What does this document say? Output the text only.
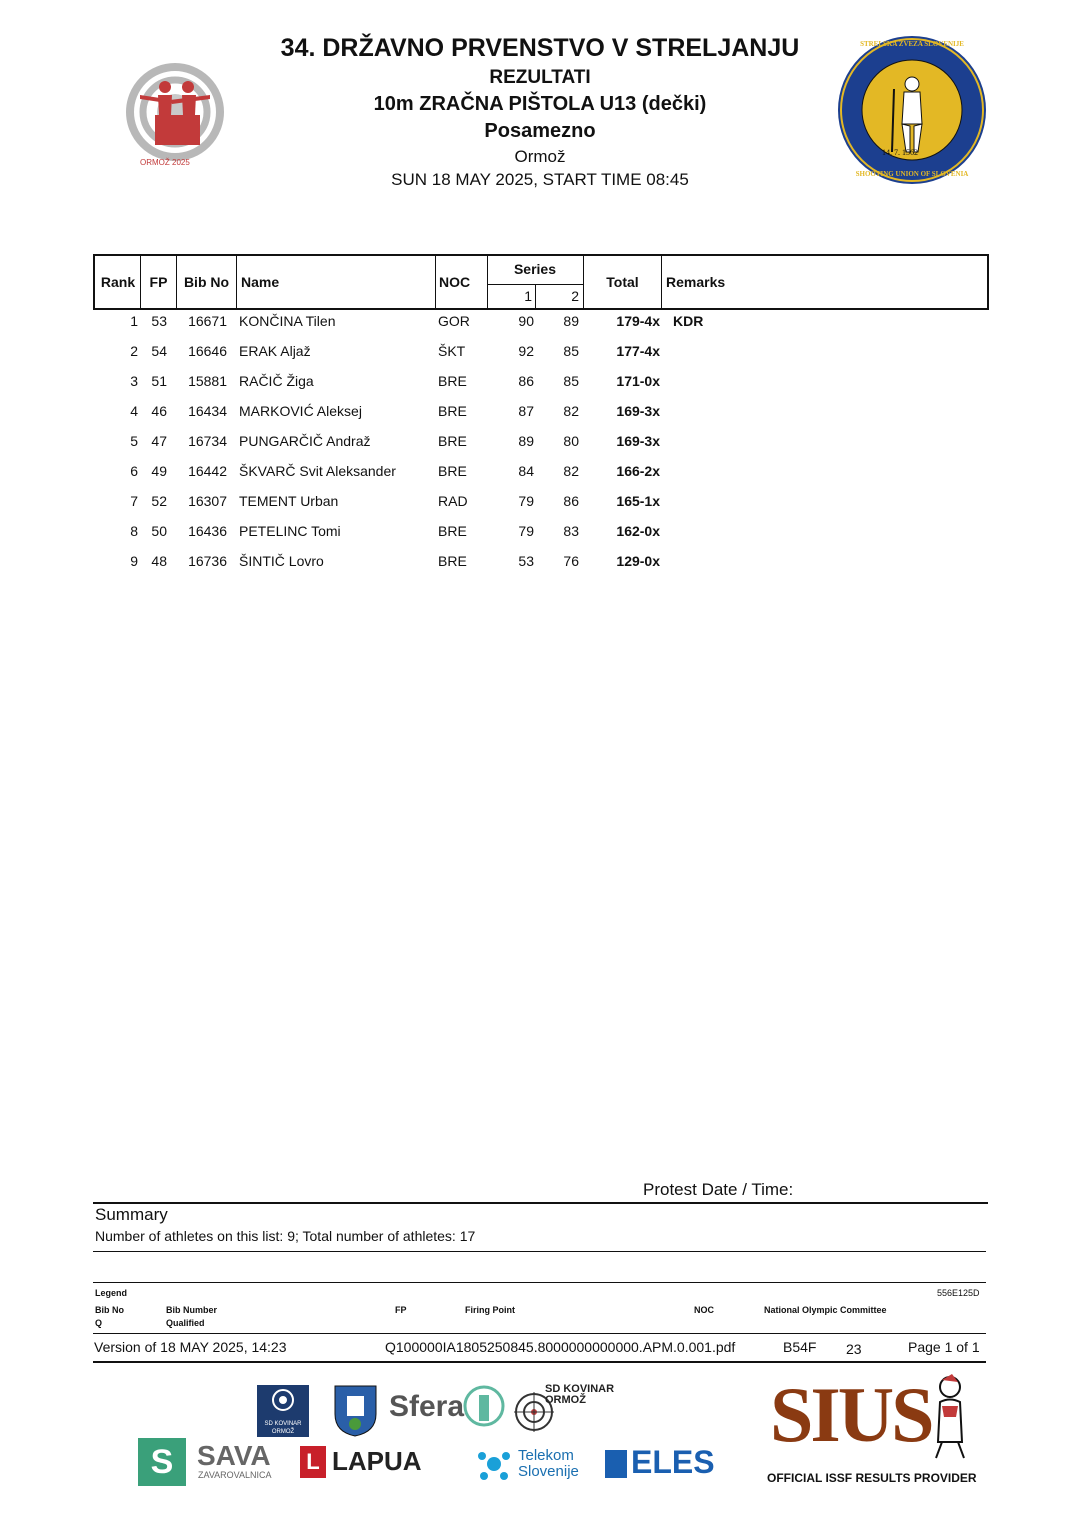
ORMOŽ 2025
34. DRŽAVNO PRVENSTVO V STRELJANJU
REZULTATI
10m ZRAČNA PIŠTOLA U13 (dečki)
Posamezno
Ormož
SUN 18 MAY 2025, START TIME 08:45
14. 7. 1562
STRELSKA ZVEZA SLOVENIJE
SHOOTING UNION OF SLOVENIA
Rank	FP	Bib No Name	NOC
Series
1	2
Total	Remarks
1 53	16671 KONČINA Tilen	GOR	90	89	179-4x KDR
2 54	16646 ERAK Aljaž	ŠKT	92	85	177-4x
3 51	15881 RAČIČ Žiga	BRE	86	85	171-0x
4 46	16434 MARKOVIĆ Aleksej	BRE	87	82	169-3x
5 47	16734 PUNGARČIČ Andraž	BRE	89	80	169-3x
6 49	16442 ŠKVARČ Svit Aleksander	BRE	84	82	166-2x
7 52	16307 TEMENT Urban	RAD	79	86	165-1x
8 50	16436 PETELINC Tomi	BRE	79	83	162-0x
9 48	16736 ŠINTIČ Lovro	BRE	53	76	129-0x
Protest Date / Time:
Summary
Number of athletes on this list: 9; Total number of athletes: 17
Legend	556E125D
Bib No	Bib Number	FP	Firing Point	NOC	National Olympic Committee
Q	Qualified
Version of 18 MAY 2025, 14:23	Q100000IA1805250845.8000000000000.APM.0.001.pdf	B54F 23	Page 1 of 1
SD KOVINAR ORMOŽ
Sfera
SD KOVINAR ORMOŽ
S SAVA
ZAVAROVALNICA
L LAPUA	Telekom
Slovenije ELES
SIUS
OFFICIAL ISSF RESULTS PROVIDER
